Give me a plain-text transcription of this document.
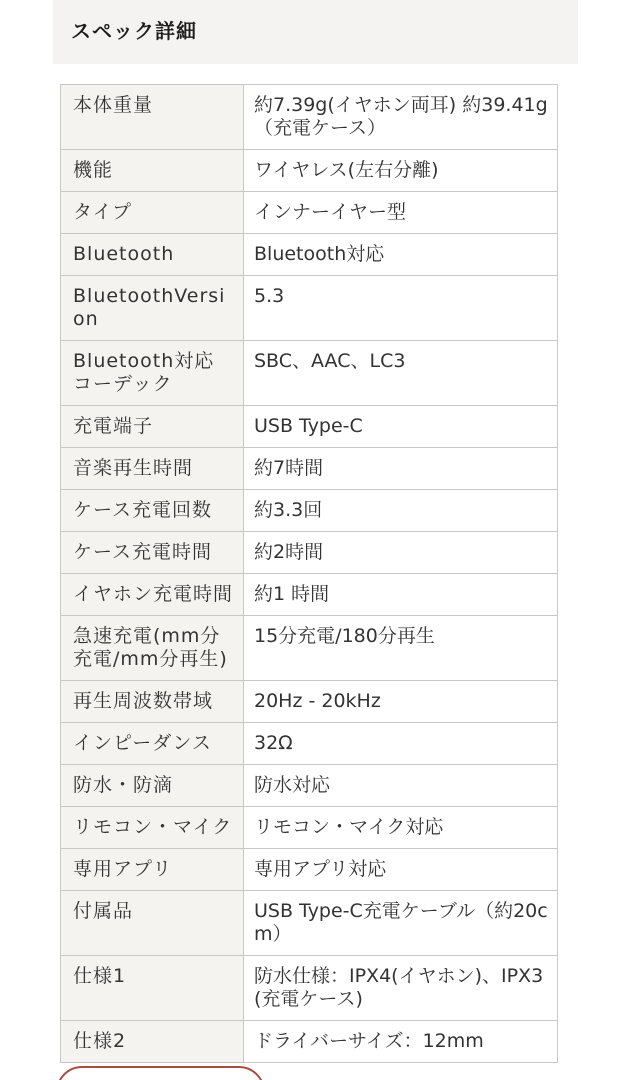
スペック詳細
本体重量	約7.39g(イヤホン両耳) 約39.41g（充電ケース）
機能	ワイヤレス(左右分離)
タイプ	インナーイヤー型
Bluetooth	Bluetooth対応
BluetoothVersion	5.3
Bluetooth対応コーデック	SBC、AAC、LC3
充電端子	USB Type-C
音楽再生時間	約7時間
ケース充電回数	約3.3回
ケース充電時間	約2時間
イヤホン充電時間	約1 時間
急速充電(mm分充電/mm分再生)	15分充電/180分再生
再生周波数帯域	20Hz - 20kHz
インピーダンス	32Ω
防水・防滴	防水対応
リモコン・マイク	リモコン・マイク対応
専用アプリ	専用アプリ対応
付属品	USB Type-C充電ケーブル（約20cm）
仕様1	防水仕様：IPX4(イヤホン)、IPX3(充電ケース)
仕様2	ドライバーサイズ：12mm
